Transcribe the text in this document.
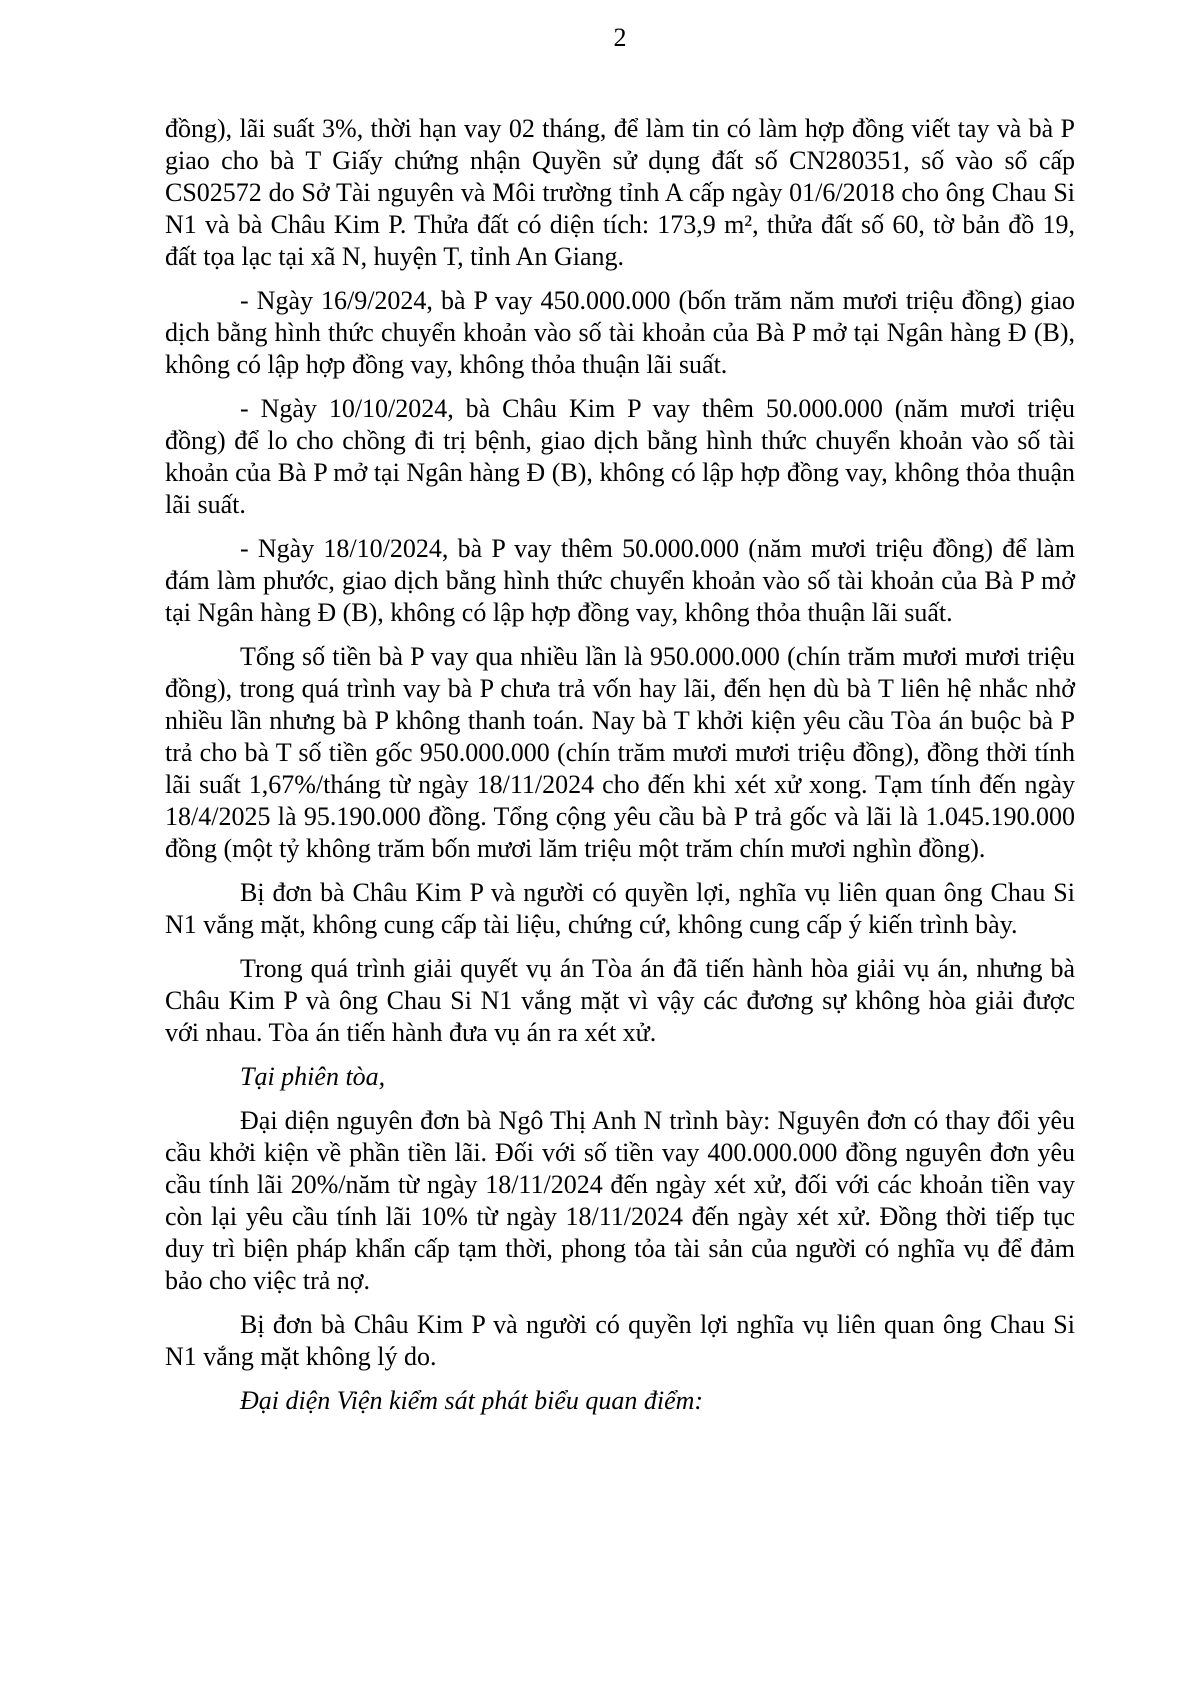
2

đồng), lãi suất 3%, thời hạn vay 02 tháng, để làm tin có làm hợp đồng viết tay và bà P giao cho bà T Giấy chứng nhận Quyền sử dụng đất số CN280351, số vào sổ cấp CS02572 do Sở Tài nguyên và Môi trường tỉnh A cấp ngày 01/6/2018 cho ông Chau Si N1 và bà Châu Kim P. Thửa đất có diện tích: 173,9 m², thửa đất số 60, tờ bản đồ 19, đất tọa lạc tại xã N, huyện T, tỉnh An Giang.

- Ngày 16/9/2024, bà P vay 450.000.000 (bốn trăm năm mươi triệu đồng) giao dịch bằng hình thức chuyển khoản vào số tài khoản của Bà P mở tại Ngân hàng Đ (B), không có lập hợp đồng vay, không thỏa thuận lãi suất.

- Ngày 10/10/2024, bà Châu Kim P vay thêm 50.000.000 (năm mươi triệu đồng) để lo cho chồng đi trị bệnh, giao dịch bằng hình thức chuyển khoản vào số tài khoản của Bà P mở tại Ngân hàng Đ (B), không có lập hợp đồng vay, không thỏa thuận lãi suất.

- Ngày 18/10/2024, bà P vay thêm 50.000.000 (năm mươi triệu đồng) để làm đám làm phước, giao dịch bằng hình thức chuyển khoản vào số tài khoản của Bà P mở tại Ngân hàng Đ (B), không có lập hợp đồng vay, không thỏa thuận lãi suất.

Tổng số tiền bà P vay qua nhiều lần là 950.000.000 (chín trăm mươi mươi triệu đồng), trong quá trình vay bà P chưa trả vốn hay lãi, đến hẹn dù bà T liên hệ nhắc nhở nhiều lần nhưng bà P không thanh toán. Nay bà T khởi kiện yêu cầu Tòa án buộc bà P trả cho bà T số tiền gốc 950.000.000 (chín trăm mươi mươi triệu đồng), đồng thời tính lãi suất 1,67%/tháng từ ngày 18/11/2024 cho đến khi xét xử xong. Tạm tính đến ngày 18/4/2025 là 95.190.000 đồng. Tổng cộng yêu cầu bà P trả gốc và lãi là 1.045.190.000 đồng (một tỷ không trăm bốn mươi lăm triệu một trăm chín mươi nghìn đồng).

Bị đơn bà Châu Kim P và người có quyền lợi, nghĩa vụ liên quan ông Chau Si N1 vắng mặt, không cung cấp tài liệu, chứng cứ, không cung cấp ý kiến trình bày.

Trong quá trình giải quyết vụ án Tòa án đã tiến hành hòa giải vụ án, nhưng bà Châu Kim P và ông Chau Si N1 vắng mặt vì vậy các đương sự không hòa giải được với nhau. Tòa án tiến hành đưa vụ án ra xét xử.

Tại phiên tòa,

Đại diện nguyên đơn bà Ngô Thị Anh N trình bày: Nguyên đơn có thay đổi yêu cầu khởi kiện về phần tiền lãi. Đối với số tiền vay 400.000.000 đồng nguyên đơn yêu cầu tính lãi 20%/năm từ ngày 18/11/2024 đến ngày xét xử, đối với các khoản tiền vay còn lại yêu cầu tính lãi 10% từ ngày 18/11/2024 đến ngày xét xử. Đồng thời tiếp tục duy trì biện pháp khẩn cấp tạm thời, phong tỏa tài sản của người có nghĩa vụ để đảm bảo cho việc trả nợ.

Bị đơn bà Châu Kim P và người có quyền lợi nghĩa vụ liên quan ông Chau Si N1 vắng mặt không lý do.

Đại diện Viện kiểm sát phát biểu quan điểm:
